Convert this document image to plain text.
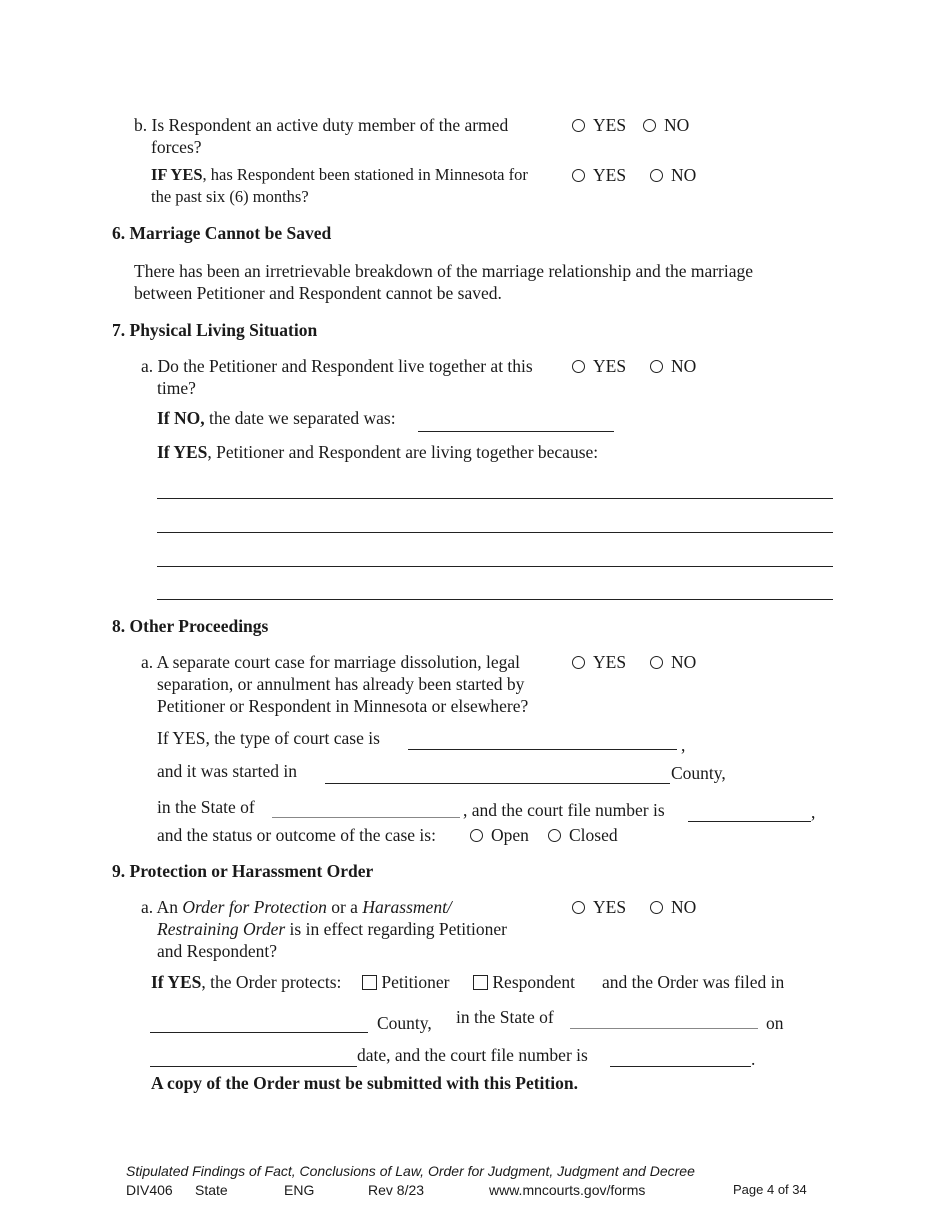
b. Is Respondent an active duty member of the armed
forces?
YES	NO
IF YES, has Respondent been stationed in Minnesota for
the past six (6) months?
YES	NO
6. Marriage Cannot be Saved
There has been an irretrievable breakdown of the marriage relationship and the marriage
between Petitioner and Respondent cannot be saved.
7. Physical Living Situation
a. Do the Petitioner and Respondent live together at this
time?
YES	NO
If NO, the date we separated was:
If YES, Petitioner and Respondent are living together because:
8. Other Proceedings
a. A separate court case for marriage dissolution, legal
separation, or annulment has already been started by
Petitioner or Respondent in Minnesota or elsewhere?
YES	NO
If YES, the type of court case is	,
and it was started in	County,
in the State of	, and the court file number is	,
and the status or outcome of the case is:	Open	Closed
9. Protection or Harassment Order
a. An Order for Protection or a Harassment/
Restraining Order is in effect regarding Petitioner
and Respondent?
YES	NO
If YES, the Order protects:	Petitioner	Respondent and the Order was filed in
County, in the State of	on
date, and the court file number is	.
A copy of the Order must be submitted with this Petition.
Stipulated Findings of Fact, Conclusions of Law, Order for Judgment, Judgment and Decree
DIV406 State	ENG	Rev 8/23	www.mncourts.gov/forms	Page 4 of 34
